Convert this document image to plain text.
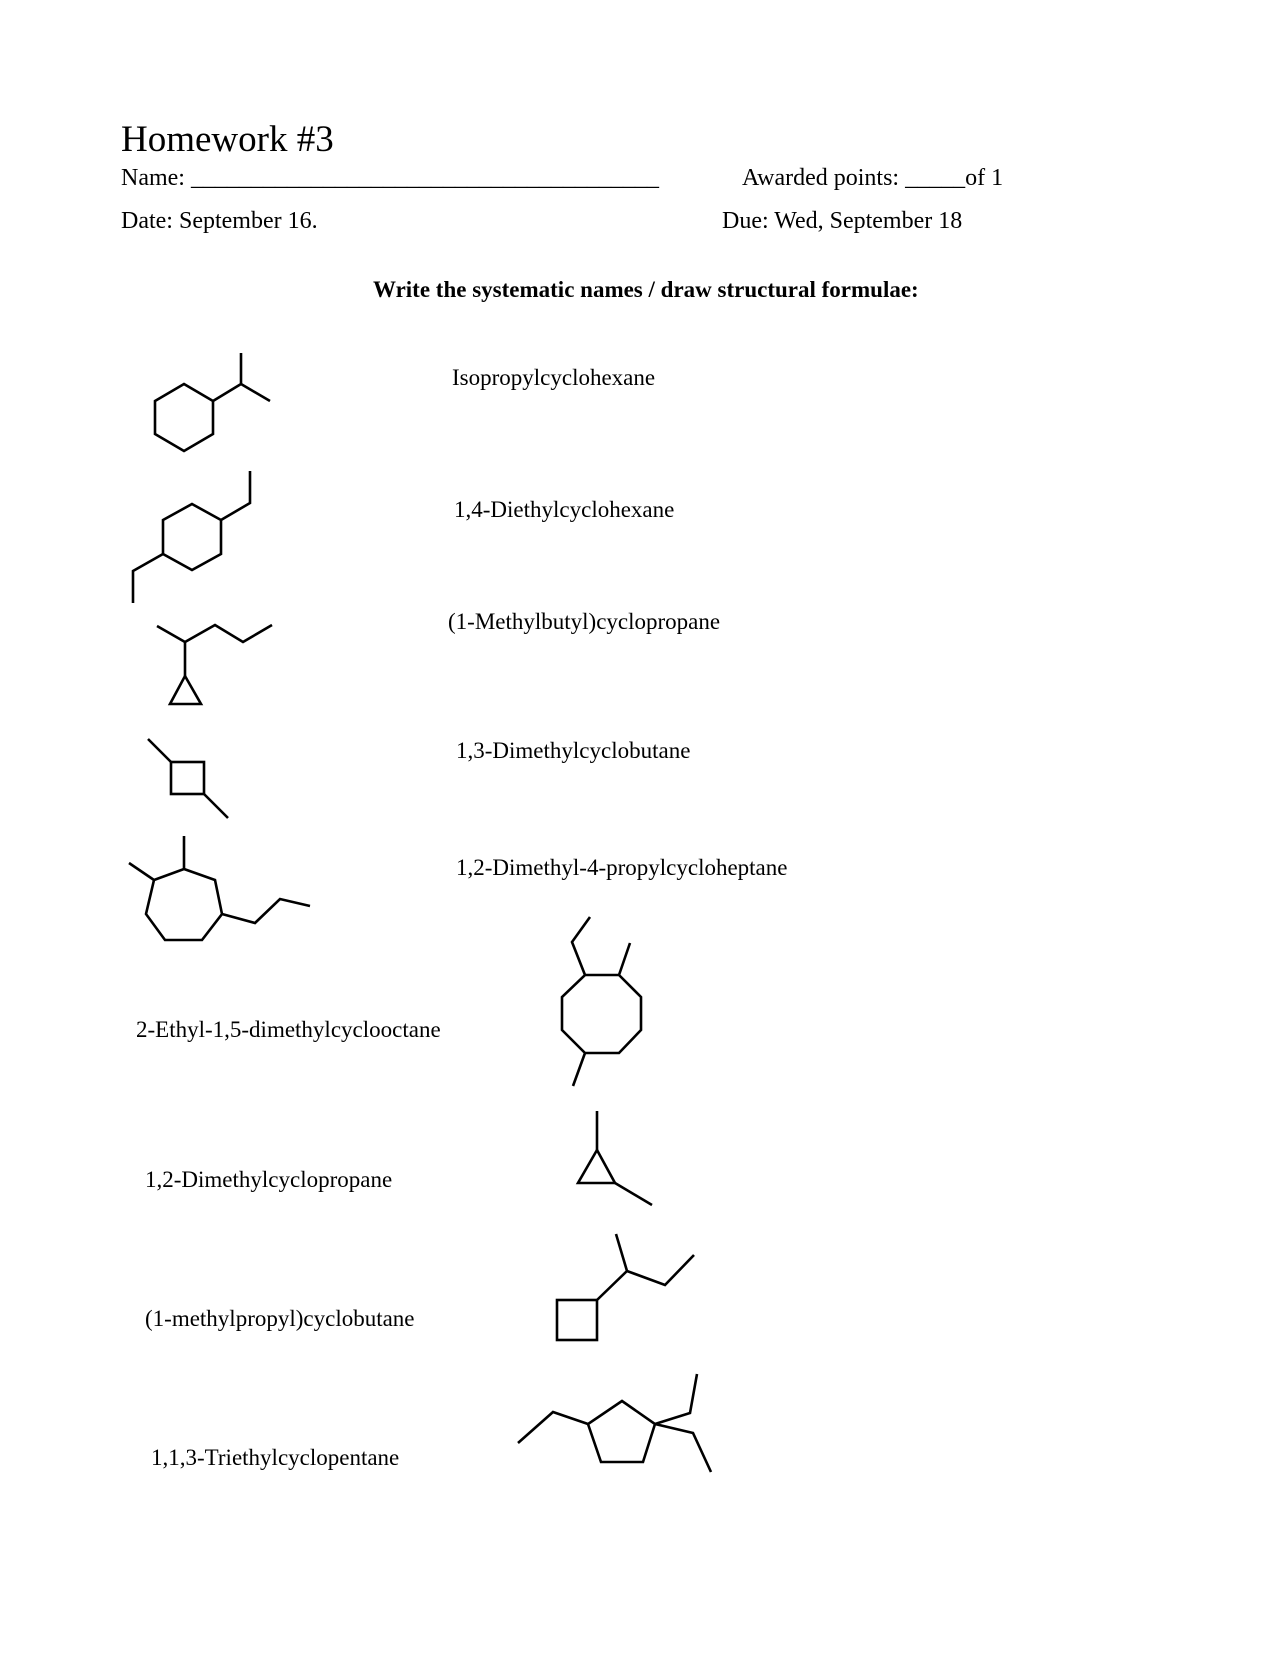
Homework #3
Name: _______________________________________	Awarded points: _____of 1
Date: September 16.	Due: Wed, September 18
Write the systematic names / draw structural formulae:
Isopropylcyclohexane
1,4-Diethylcyclohexane
(1-Methylbutyl)cyclopropane
1,3-Dimethylcyclobutane
1,2-Dimethyl-4-propylcycloheptane
2-Ethyl-1,5-dimethylcyclooctane
1,2-Dimethylcyclopropane
(1-methylpropyl)cyclobutane
1,1,3-Triethylcyclopentane
